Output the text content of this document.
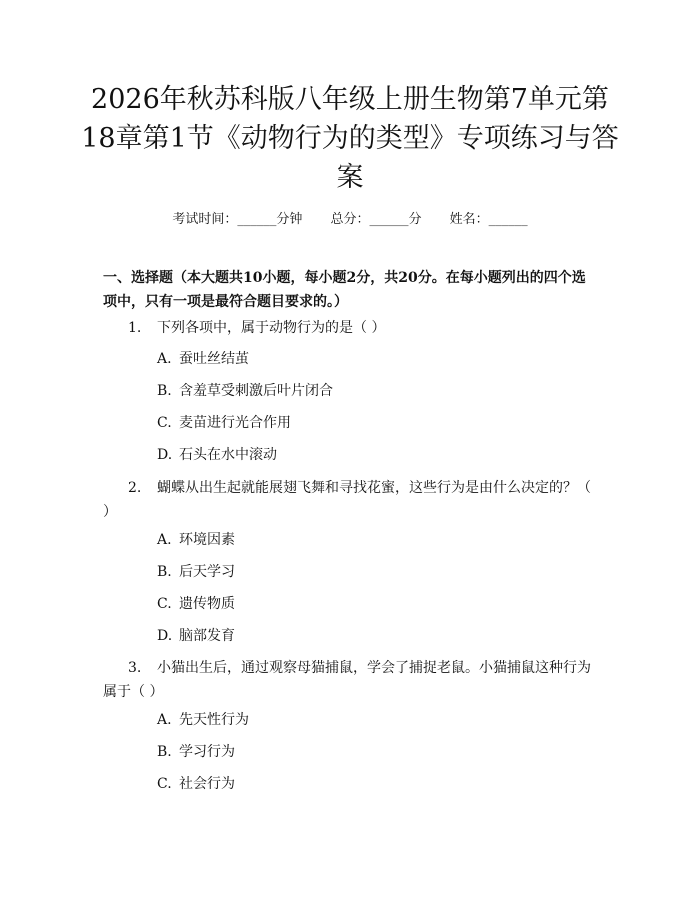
2026年秋苏科版八年级上册生物第7单元第18章第1节《动物行为的类型》专项练习与答案
考试时间：______分钟 总分：______分 姓名：______
一、选择题（本大题共10小题，每小题2分，共20分。在每小题列出的四个选项中，只有一项是最符合题目要求的。）
1. 下列各项中，属于动物行为的是（ ）
A. 蚕吐丝结茧
B. 含羞草受刺激后叶片闭合
C. 麦苗进行光合作用
D. 石头在水中滚动
2. 蝴蝶从出生起就能展翅飞舞和寻找花蜜，这些行为是由什么决定的？（ ）
A. 环境因素
B. 后天学习
C. 遗传物质
D. 脑部发育
3. 小猫出生后，通过观察母猫捕鼠，学会了捕捉老鼠。小猫捕鼠这种行为属于（ ）
A. 先天性行为
B. 学习行为
C. 社会行为
